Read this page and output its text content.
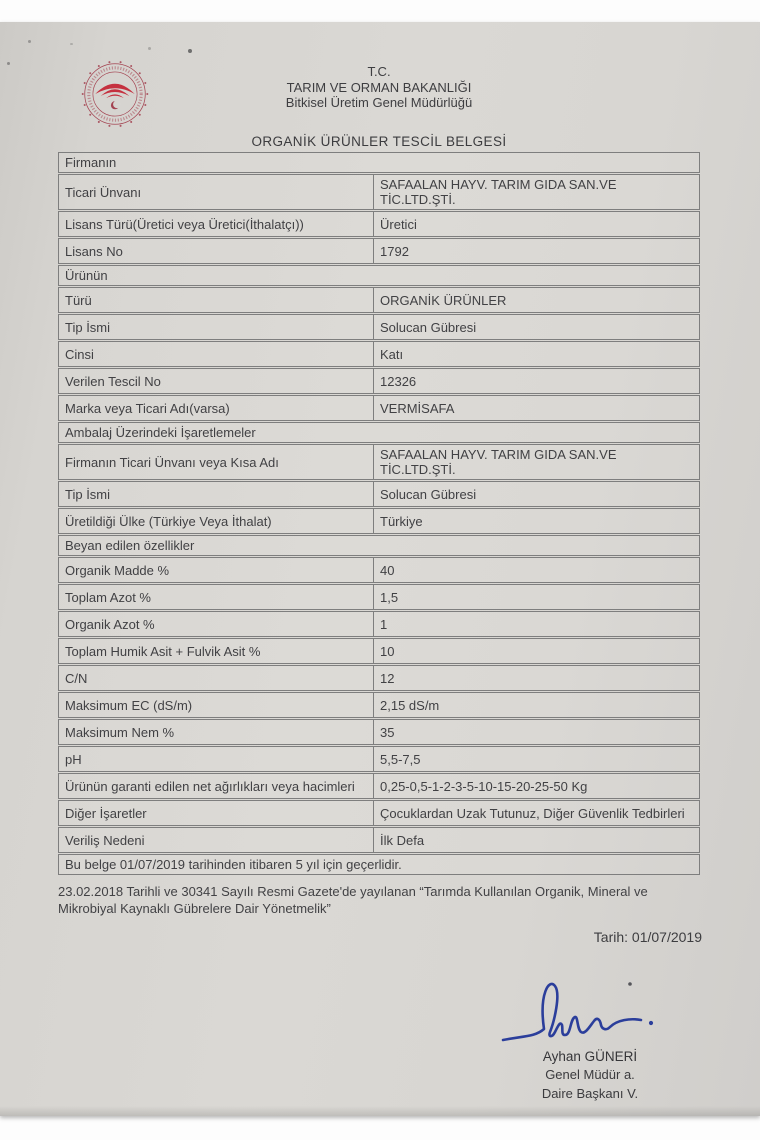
T.C.
TARIM VE ORMAN BAKANLIĞI
Bitkisel Üretim Genel Müdürlüğü
ORGANİK ÜRÜNLER TESCİL BELGESİ
Firmanın
Ticari Ünvanı	SAFAALAN HAYV. TARIM GIDA SAN.VE TİC.LTD.ŞTİ.
Lisans Türü(Üretici veya Üretici(İthalatçı))	Üretici
Lisans No	1792
Ürünün
Türü	ORGANİK ÜRÜNLER
Tip İsmi	Solucan Gübresi
Cinsi	Katı
Verilen Tescil No	12326
Marka veya Ticari Adı(varsa)	VERMİSAFA
Ambalaj Üzerindeki İşaretlemeler
Firmanın Ticari Ünvanı veya Kısa Adı	SAFAALAN HAYV. TARIM GIDA SAN.VE TİC.LTD.ŞTİ.
Tip İsmi	Solucan Gübresi
Üretildiği Ülke (Türkiye Veya İthalat)	Türkiye
Beyan edilen özellikler
Organik Madde %	40
Toplam Azot %	1,5
Organik Azot %	1
Toplam Humik Asit + Fulvik Asit %	10
C/N	12
Maksimum EC (dS/m)	2,15 dS/m
Maksimum Nem %	35
pH	5,5-7,5
Ürünün garanti edilen net ağırlıkları veya hacimleri	0,25-0,5-1-2-3-5-10-15-20-25-50 Kg
Diğer İşaretler	Çocuklardan Uzak Tutunuz, Diğer Güvenlik Tedbirleri
Veriliş Nedeni	İlk Defa
Bu belge 01/07/2019 tarihinden itibaren 5 yıl için geçerlidir.
23.02.2018 Tarihli ve 30341 Sayılı Resmi Gazete'de yayılanan “Tarımda Kullanılan Organik, Mineral ve Mikrobiyal Kaynaklı Gübrelere Dair Yönetmelik”
Tarih: 01/07/2019
Ayhan GÜNERİ
Genel Müdür a.
Daire Başkanı V.
